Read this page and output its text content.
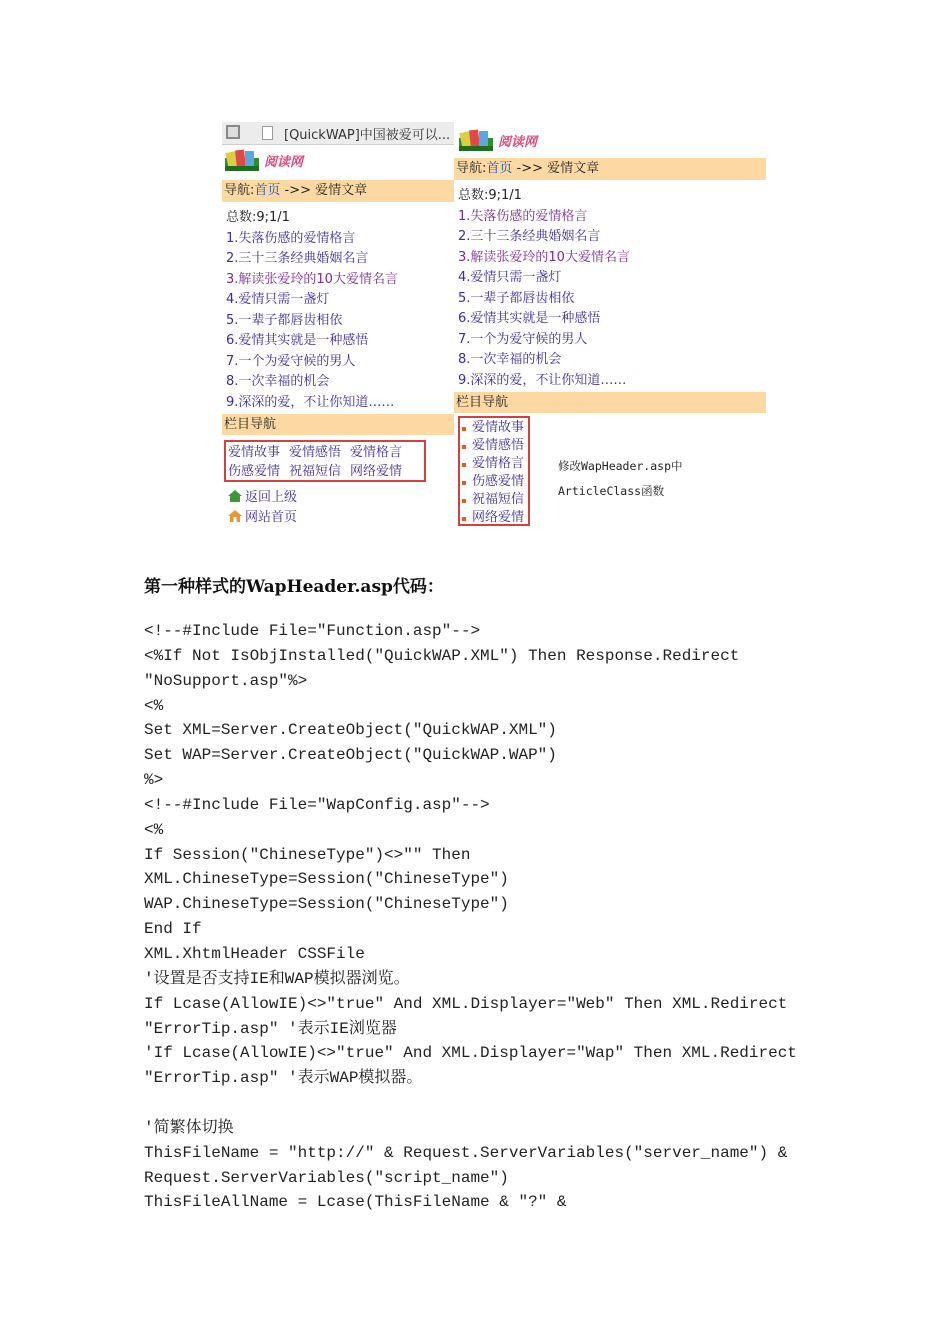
[QuickWAP]中国被爱可以...
阅读网
导航:首页 ->> 爱情文章
总数:9;1/1
1.失落伤感的爱情格言
2.三十三条经典婚姻名言
3.解读张爱玲的10大爱情名言
4.爱情只需一盏灯
5.一辈子都唇齿相依
6.爱情其实就是一种感悟
7.一个为爱守候的男人
8.一次幸福的机会
9.深深的爱，不让你知道……
栏目导航
爱情故事 爱情感悟 爱情格言
伤感爱情 祝福短信 网络爱情
返回上级
网站首页
阅读网
导航:首页 ->> 爱情文章
总数:9;1/1
1.失落伤感的爱情格言
2.三十三条经典婚姻名言
3.解读张爱玲的10大爱情名言
4.爱情只需一盏灯
5.一辈子都唇齿相依
6.爱情其实就是一种感悟
7.一个为爱守候的男人
8.一次幸福的机会
9.深深的爱，不让你知道……
栏目导航
爱情故事
爱情感悟
爱情格言
伤感爱情
祝福短信
网络爱情
修改WapHeader.asp中
ArticleClass函数
第一种样式的WapHeader.asp代码：
<!--#Include File="Function.asp"-->
<%If Not IsObjInstalled("QuickWAP.XML") Then Response.Redirect
"NoSupport.asp"%>
<%
Set XML=Server.CreateObject("QuickWAP.XML")
Set WAP=Server.CreateObject("QuickWAP.WAP")
%>
<!--#Include File="WapConfig.asp"-->
<%
If Session("ChineseType")<>"" Then
XML.ChineseType=Session("ChineseType")
WAP.ChineseType=Session("ChineseType")
End If
XML.XhtmlHeader CSSFile
'设置是否支持IE和WAP模拟器浏览。
If Lcase(AllowIE)<>"true" And XML.Displayer="Web" Then XML.Redirect
"ErrorTip.asp" '表示IE浏览器
'If Lcase(AllowIE)<>"true" And XML.Displayer="Wap" Then XML.Redirect
"ErrorTip.asp" '表示WAP模拟器。
'简繁体切换
ThisFileName = "http://" & Request.ServerVariables("server_name") &
Request.ServerVariables("script_name")
ThisFileAllName = Lcase(ThisFileName & "?" &
